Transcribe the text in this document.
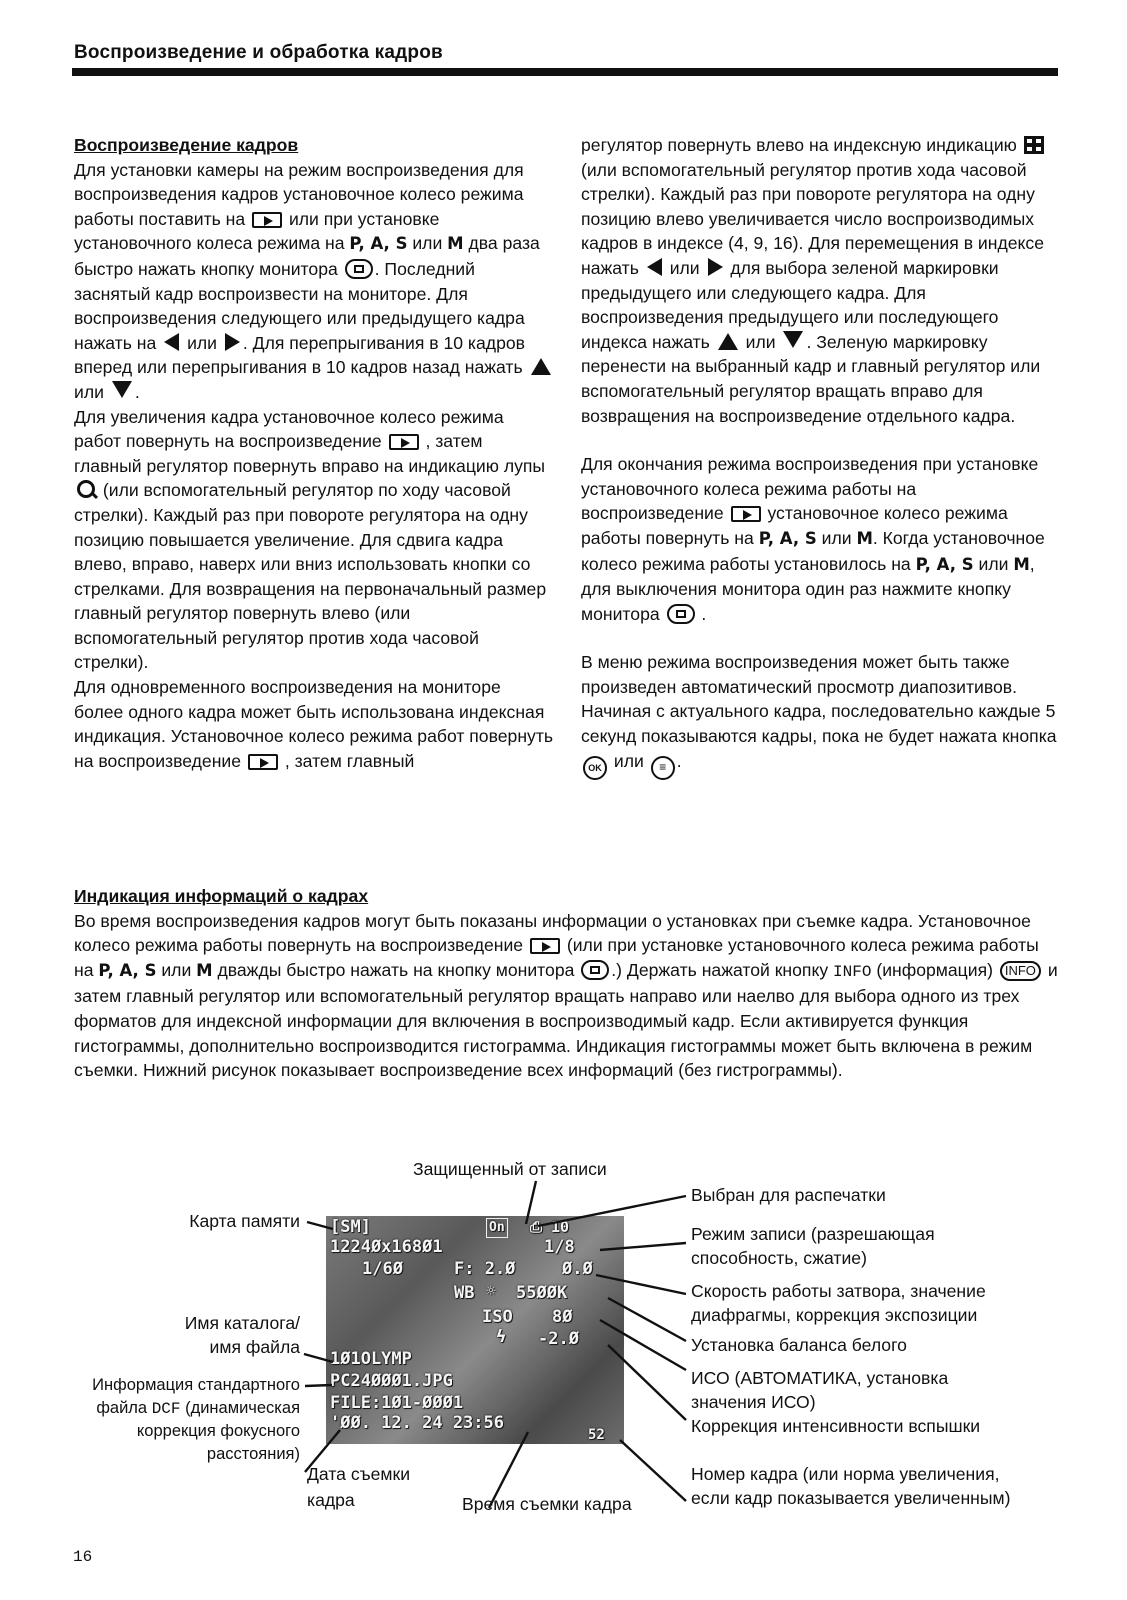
Воспроизведение и обработка кадров

Воспроизведение кадров
Для установки камеры на режим воспроизведения для воспроизведения кадров установочное колесо режима работы поставить на или при установке установочного колеса режима на P, A, S или M два раза быстро нажать кнопку монитора . Последний заснятый кадр воспроизвести на мониторе. Для воспроизведения следующего или предыдущего кадра нажать на или . Для перепрыгивания в 10 кадров вперед или перепрыгивания в 10 кадров назад нажать  или .

Для увеличения кадра установочное колесо режима работ повернуть на воспроизведение , затем главный регулятор повернуть вправо на индикацию лупы  (или вспомогательный регулятор по ходу часовой стрелки). Каждый раз при повороте регулятора на одну позицию повышается увеличение. Для сдвига кадра влево, вправо, наверх или вниз использовать кнопки со стрелками. Для возвращения на первоначальный размер главный регулятор повернуть влево (или вспомогательный регулятор против хода часовой стрелки).

Для одновременного воспроизведения на мониторе более одного кадра может быть использована индексная индикация. Установочное колесо режима работ повернуть на воспроизведение , затем главный

регулятор повернуть влево на индексную индикацию  (или вспомогательный регулятор против хода часовой стрелки). Каждый раз при повороте регулятора на одну позицию влево увеличивается число воспроизводимых кадров в индексе (4, 9, 16). Для перемещения в индексе нажать или для выбора зеленой маркировки предыдущего или следующего кадра. Для воспроизведения предыдущего или последующего индекса нажать или . Зеленую маркировку перенести на выбранный кадр и главный регулятор или вспомогательный регулятор вращать вправо для возвращения на воспроизведение отдельного кадра.

Для окончания режима воспроизведения при установке установочного колеса режима работы на воспроизведение установочное колесо режима работы повернуть на P, A, S или M. Когда установочное колесо режима работы установилось на P, A, S или M, для выключения монитора один раз нажмите кнопку монитора .

В меню режима воспроизведения может быть также произведен автоматический просмотр диапозитивов. Начиная с актуального кадра, последовательно каждые 5 секунд показываются кадры, пока не будет нажата кнопка OK или ≡ .

Индикация информаций о кадрах
Во время воспроизведения кадров могут быть показаны информации о установках при съемке кадра. Установочное колесо режима работы повернуть на воспроизведение (или при установке установочного колеса режима работы на P, A, S или M дважды быстро нажать на кнопку монитора .) Держать нажатой кнопку INFO (информация) INFO и затем главный регулятор или вспомогательный регулятор вращать направо или наелво для выбора одного из трех форматов для индексной информации для включения в воспроизводимый кадр. Если активируется функция гистограммы, дополнительно воспроизводится гистограмма. Индикация гистограммы может быть включена в режим съемки. Нижний рисунок показывает воспроизведение всех информаций (без гистрограммы).

[SM]	On ⎙ 10
1224Øx168Ø1	1/8
1/6Ø	F: 2.Ø	Ø.Ø
WB ☼ 55ØØK
ISO 8Ø
ϟ -2.Ø
1Ø1OLYMP
PC24ØØØ1.JPG
FILE:1Ø1-ØØØ1
'ØØ. 12. 24 23:56
52
Защищенный от записи
Выбран для распечатки
Карта памяти
Режим записи (разрешающая
способность, сжатие)
Скорость работы затвора, значение
диафрагмы, коррекция экспозиции
Установка баланса белого
Имя каталога/
имя файла
ИСО (АВТОМАТИКА, установка
значения ИСО)
Коррекция интенсивности вспышки
Информация стандартного
файла DCF (динамическая
коррекция фокусного
расстояния)
Дата съемки
кадра	Время съемки кадра
Номер кадра (или норма увеличения,
если кадр показывается увеличенным)
16
